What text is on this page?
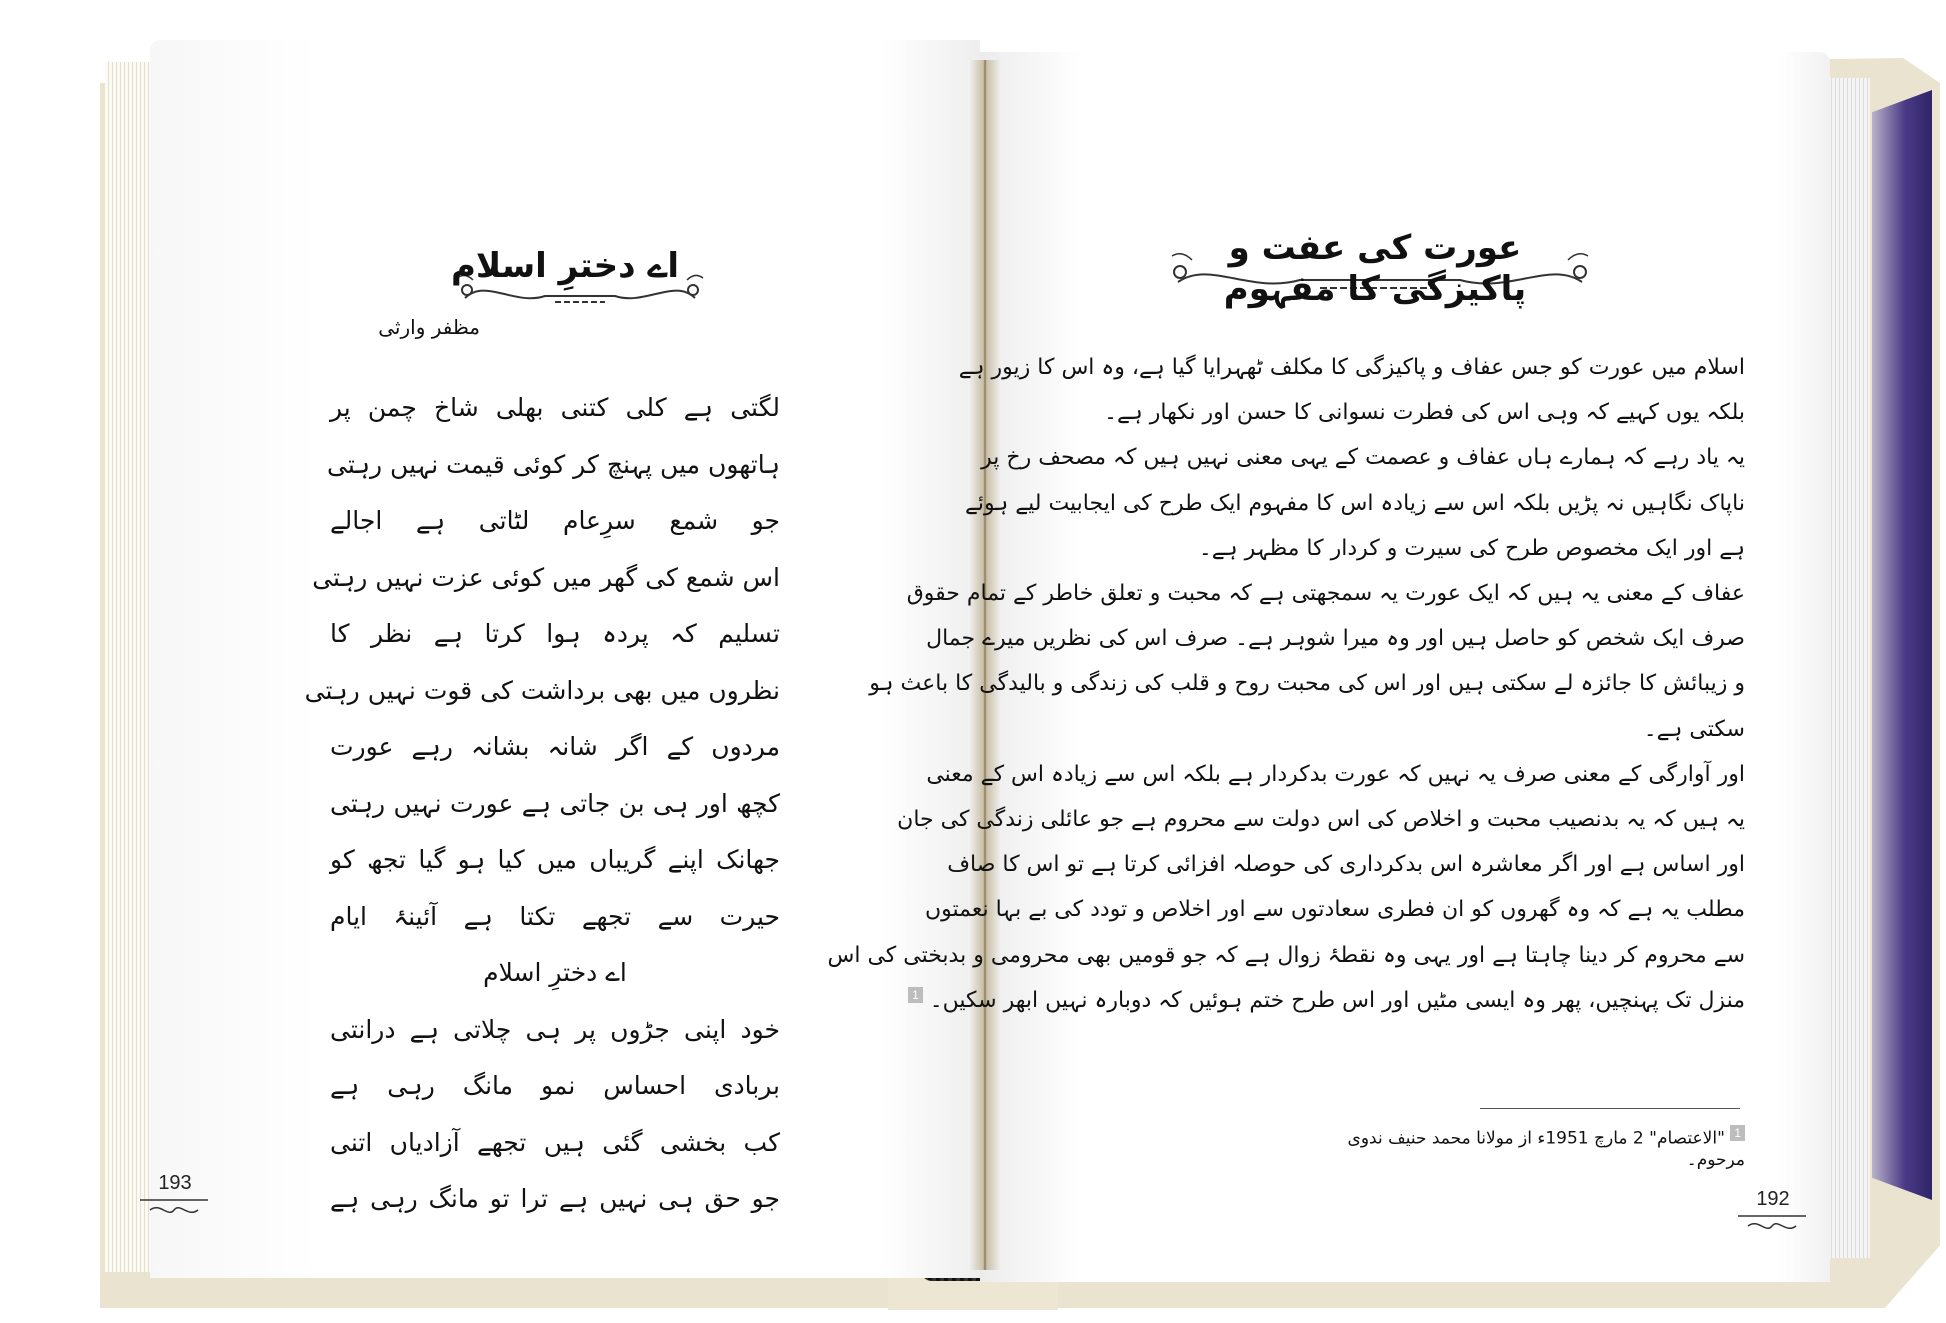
اے دخترِ اسلام

مظفر وارثی

لگتی ہے کلی کتنی بھلی شاخ چمن پر
ہاتھوں میں پہنچ کر کوئی قیمت نہیں رہتی
جو شمع سرِعام لٹاتی ہے اجالے
اس شمع کی گھر میں کوئی عزت نہیں رہتی
تسلیم کہ پردہ ہوا کرتا ہے نظر کا
نظروں میں بھی برداشت کی قوت نہیں رہتی
مردوں کے اگر شانہ بشانہ رہے عورت
کچھ اور ہی بن جاتی ہے عورت نہیں رہتی
جھانک اپنے گریباں میں کیا ہو گیا تجھ کو
حیرت سے تجھے تکتا ہے آئینۂ ایام
اے دخترِ اسلام
خود اپنی جڑوں پر ہی چلاتی ہے درانتی
بربادی احساس نمو مانگ رہی ہے
کب بخشی گئی ہیں تجھے آزادیاں اتنی
جو حق ہی نہیں ہے ترا تو مانگ رہی ہے
193

عورت کی عفت و پاکیزگی کا مفہوم

اسلام میں عورت کو جس عفاف و پاکیزگی کا مکلف ٹھہرایا گیا ہے، وہ اس کا زیور ہے
بلکہ یوں کہیے کہ وہی اس کی فطرت نسوانی کا حسن اور نکھار ہے۔
یہ یاد رہے کہ ہمارے ہاں عفاف و عصمت کے یہی معنی نہیں ہیں کہ مصحف رخ پر
ناپاک نگاہیں نہ پڑیں بلکہ اس سے زیادہ اس کا مفہوم ایک طرح کی ایجابیت لیے ہوئے
ہے اور ایک مخصوص طرح کی سیرت و کردار کا مظہر ہے۔
عفاف کے معنی یہ ہیں کہ ایک عورت یہ سمجھتی ہے کہ محبت و تعلق خاطر کے تمام حقوق
صرف ایک شخص کو حاصل ہیں اور وہ میرا شوہر ہے۔ صرف اس کی نظریں میرے جمال
و زیبائش کا جائزہ لے سکتی ہیں اور اس کی محبت روح و قلب کی زندگی و بالیدگی کا باعث ہو
سکتی ہے۔
اور آوارگی کے معنی صرف یہ نہیں کہ عورت بدکردار ہے بلکہ اس سے زیادہ اس کے معنی
یہ ہیں کہ یہ بدنصیب محبت و اخلاص کی اس دولت سے محروم ہے جو عائلی زندگی کی جان
اور اساس ہے اور اگر معاشرہ اس بدکرداری کی حوصلہ افزائی کرتا ہے تو اس کا صاف
مطلب یہ ہے کہ وہ گھروں کو ان فطری سعادتوں سے اور اخلاص و تودد کی بے بہا نعمتوں
سے محروم کر دینا چاہتا ہے اور یہی وہ نقطۂ زوال ہے کہ جو قومیں بھی محرومی و بدبختی کی اس
منزل تک پہنچیں، پھر وہ ایسی مٹیں اور اس طرح ختم ہوئیں کہ دوبارہ نہیں ابھر سکیں۔ 1
1 "الاعتصام" 2 مارچ 1951ء از مولانا محمد حنیف ندوی مرحوم۔
192
